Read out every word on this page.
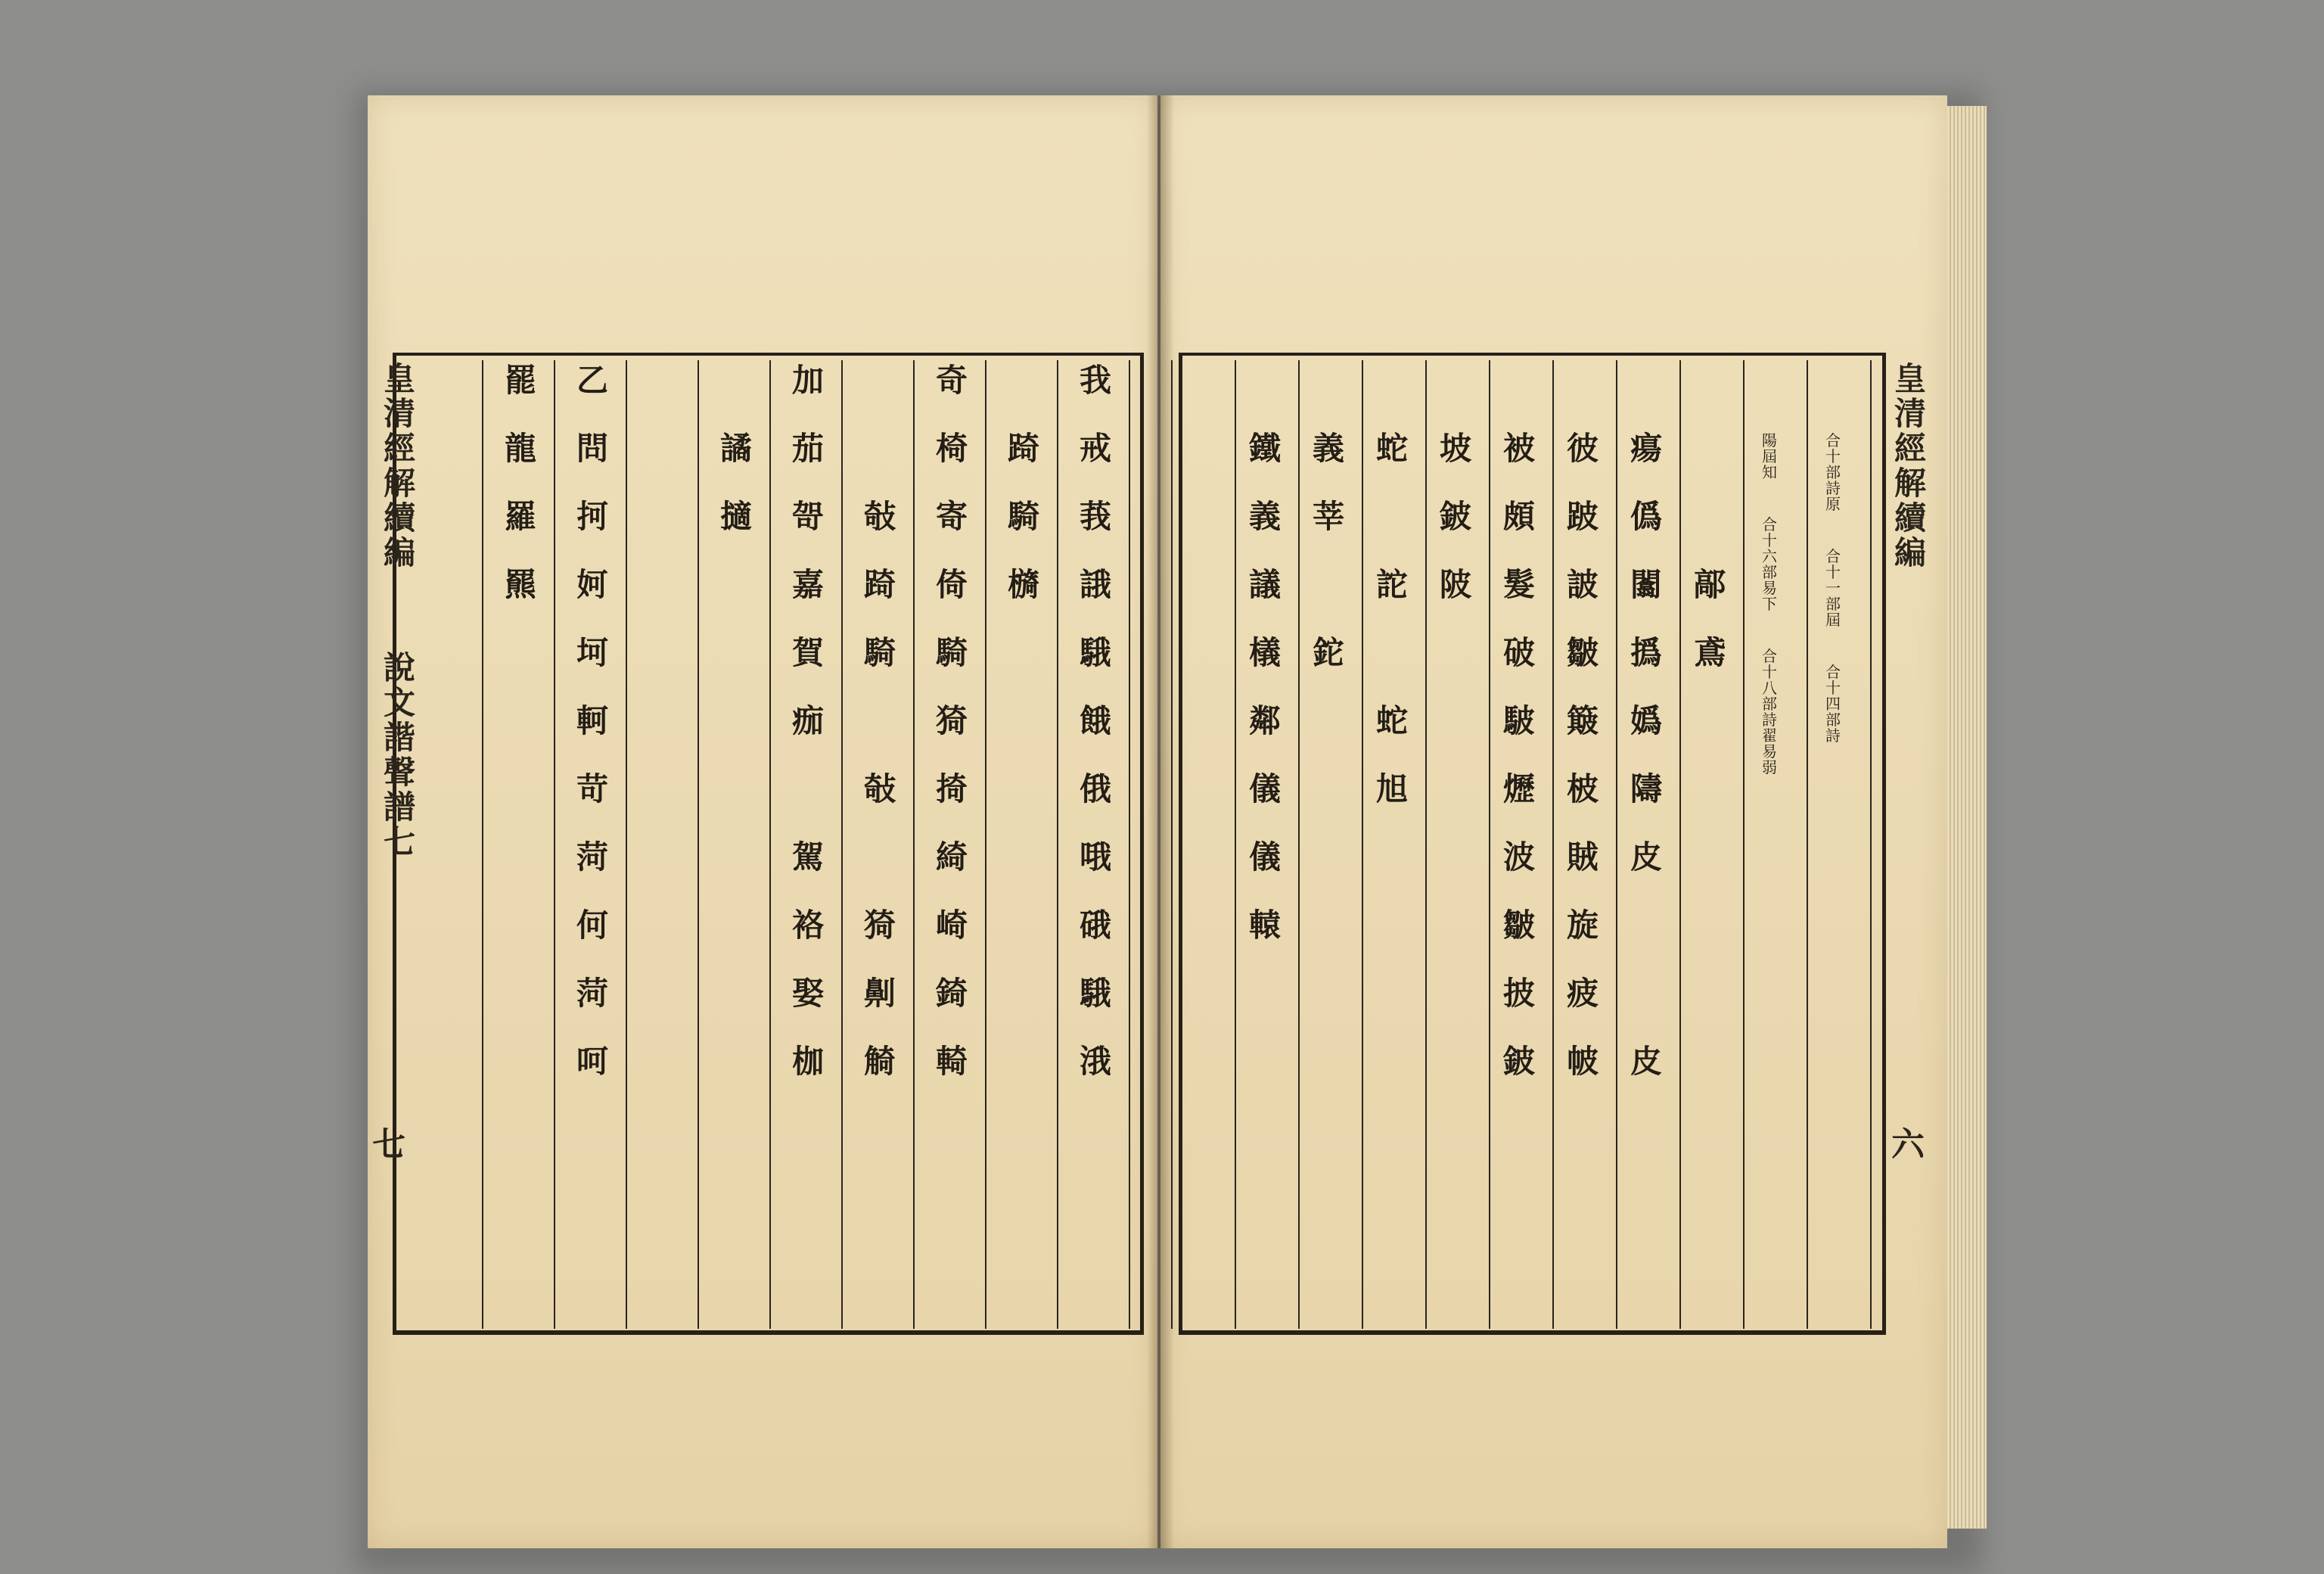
皇清經解續編
說文諧聲譜七
七
皇清經解續編
六
我
戒
莪
誐
騀
餓
俄
哦
硪
騀
涐

踦
騎
檹

奇
椅
寄
倚
騎
猗
掎
綺
崎
錡
輢

敧
踦
騎

敧

猗
劓
觭
加
茄
哿
嘉
賀
痂

駕
袼
娶
枷

譎
擿

乙
問
抲
妸
坷
軻
苛
菏
何
菏
呵
罷
龍
羅
羆

合十部詩原
合十一部屆
合十四部詩

陽屆知
合十六部易下
合十八部詩翟易弱

鄗
鳶

瘍
僞
闟
撝
嬀
隯
皮

皮

彼
跛
詖
皺
簸
柀
賊
旋
疲
帔

被
頗
髮
破
駊
爏
波
皺
披
鈹

坡
鈹
陂

蛇

詑

蛇
旭

義
莘

鉈

鐵
義
議
檥
鄰
儀
儀
轅
